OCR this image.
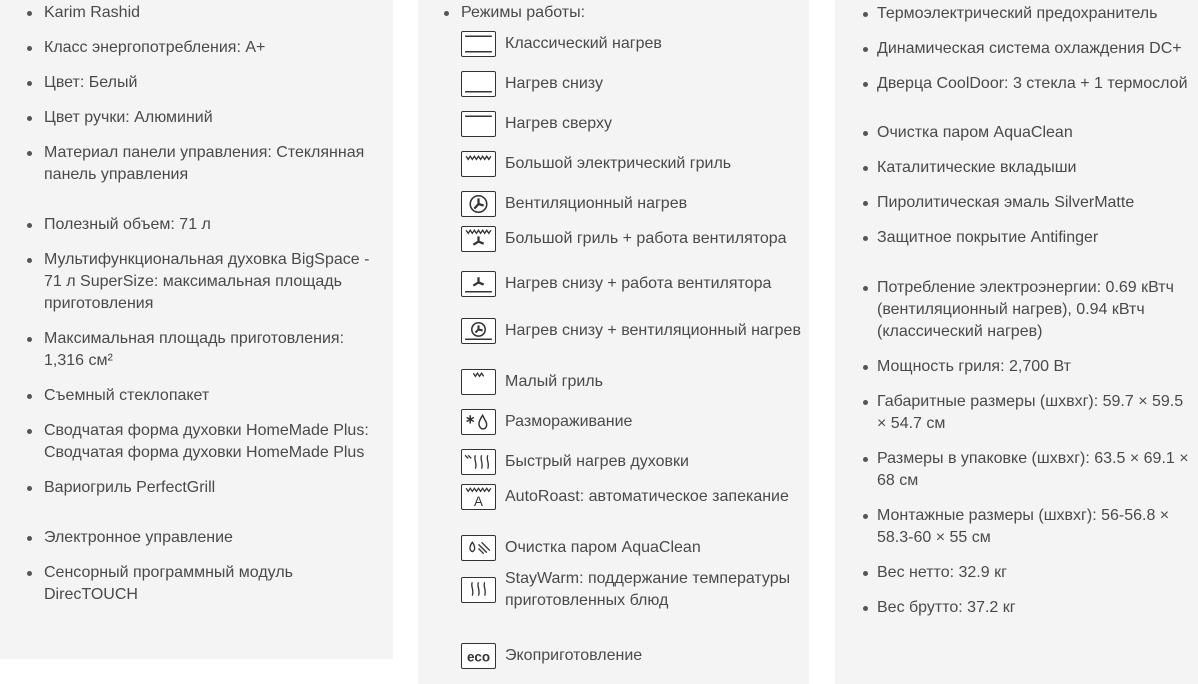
Karim Rashid
Класс энергопотребления: A+
Цвет: Белый
Цвет ручки: Алюминий
Материал панели управления: Стеклянная панель управления
Полезный объем: 71 л
Мультифункциональная духовка BigSpace - 71 л SuperSize: максимальная площадь приготовления
Максимальная площадь приготовления: 1,316 см²
Съемный стеклопакет
Сводчатая форма духовки HomeMade Plus: Сводчатая форма духовки HomeMade Plus
Вариогриль PerfectGrill
Электронное управление
Сенсорный программный модуль DirecTOUCH
Режимы работы:
Классический нагрев
Нагрев снизу
Нагрев сверху
Большой электрический гриль
Вентиляционный нагрев
Большой гриль + работа вентилятора
Нагрев снизу + работа вентилятора
Нагрев снизу + вентиляционный нагрев
Малый гриль
Размораживание
Быстрый нагрев духовки
A AutoRoast: автоматическое запекание
Очистка паром AquaClean
StayWarm: поддержание температуры приготовленных блюд
eco Экоприготовление
Термоэлектрический предохранитель
Динамическая система охлаждения DC+
Дверца CoolDoor: 3 стекла + 1 термослой
Очистка паром AquaClean
Каталитические вкладыши
Пиролитическая эмаль SilverMatte
Защитное покрытие Antifinger
Потребление электроэнергии: 0.69 кВтч (вентиляционный нагрев), 0.94 кВтч (классический нагрев)
Мощность гриля: 2,700 Вт
Габаритные размеры (шхвхг): 59.7 × 59.5 × 54.7 см
Размеры в упаковке (шхвхг): 63.5 × 69.1 × 68 см
Монтажные размеры (шхвхг): 56-56.8 × 58.3-60 × 55 см
Вес нетто: 32.9 кг
Вес брутто: 37.2 кг
